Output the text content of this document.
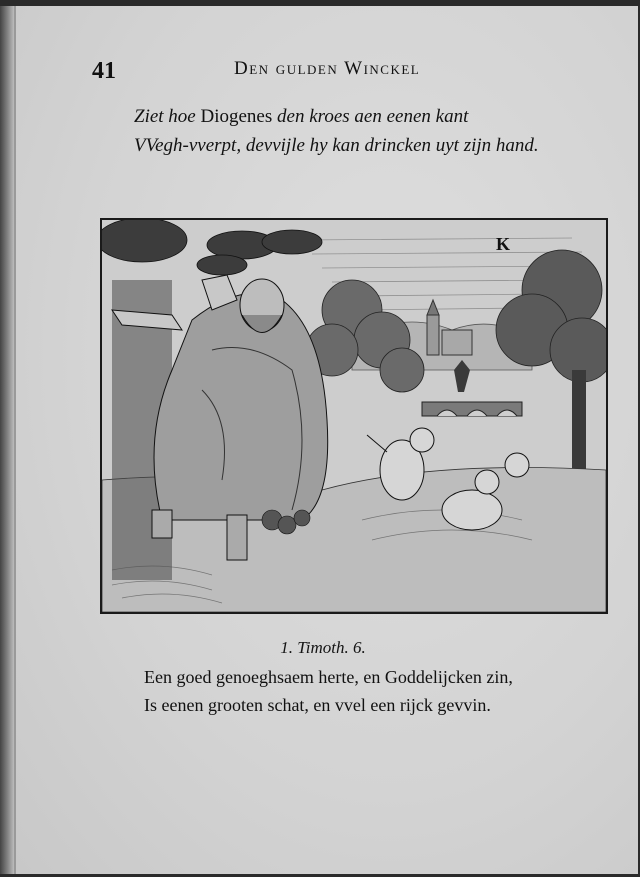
41	Den gulden Winckel
Ziet hoe Diogenes den kroes aen eenen kant
VVegh-vverpt, devvijle hy kan drincken uyt zijn hand.
K
1. Timoth. 6.
Een goed genoeghsaem herte, en Goddelijcken zin,
Is eenen grooten schat, en vvel een rijck gevvin.
